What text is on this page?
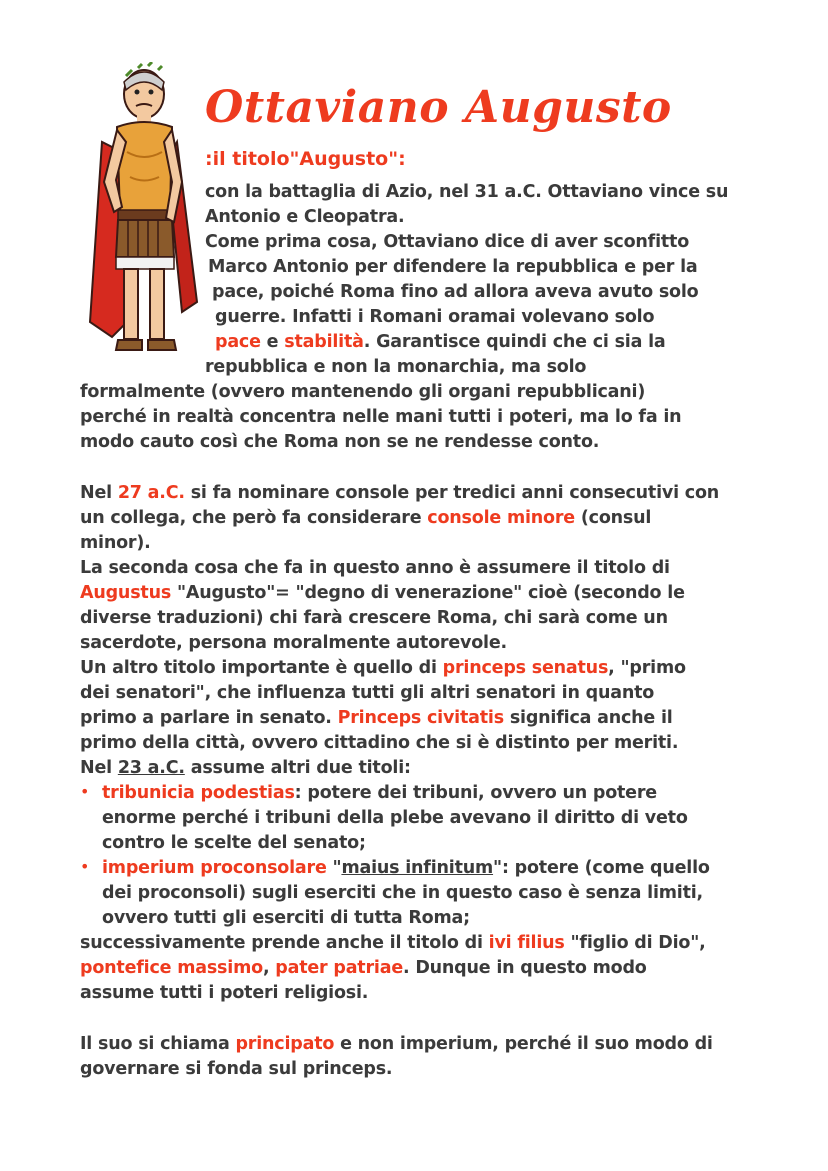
Ottaviano Augusto
:il titolo"Augusto":
con la battaglia di Azio, nel 31 a.C. Ottaviano vince su
Antonio e Cleopatra.
Come prima cosa, Ottaviano dice di aver sconfitto
Marco Antonio per difendere la repubblica e per la
pace, poiché Roma fino ad allora aveva avuto solo
guerre. Infatti i Romani oramai volevano solo
pace e stabilità. Garantisce quindi che ci sia la
repubblica e non la monarchia, ma solo
formalmente (ovvero mantenendo gli organi repubblicani)
perché in realtà concentra nelle mani tutti i poteri, ma lo fa in
modo cauto così che Roma non se ne rendesse conto.
Nel 27 a.C. si fa nominare console per tredici anni consecutivi con
un collega, che però fa considerare console minore (consul
minor).
La seconda cosa che fa in questo anno è assumere il titolo di
Augustus "Augusto"= "degno di venerazione" cioè (secondo le
diverse traduzioni) chi farà crescere Roma, chi sarà come un
sacerdote, persona moralmente autorevole.
Un altro titolo importante è quello di princeps senatus, "primo
dei senatori", che influenza tutti gli altri senatori in quanto
primo a parlare in senato. Princeps civitatis significa anche il
primo della città, ovvero cittadino che si è distinto per meriti.
Nel 23 a.C. assume altri due titoli:
• tribunicia podestias: potere dei tribuni, ovvero un potere
enorme perché i tribuni della plebe avevano il diritto di veto
contro le scelte del senato;
• imperium proconsolare "maius infinitum": potere (come quello
dei proconsoli) sugli eserciti che in questo caso è senza limiti,
ovvero tutti gli eserciti di tutta Roma;
successivamente prende anche il titolo di ivi filius "figlio di Dio",
pontefice massimo, pater patriae. Dunque in questo modo
assume tutti i poteri religiosi.
Il suo si chiama principato e non imperium, perché il suo modo di
governare si fonda sul princeps.
